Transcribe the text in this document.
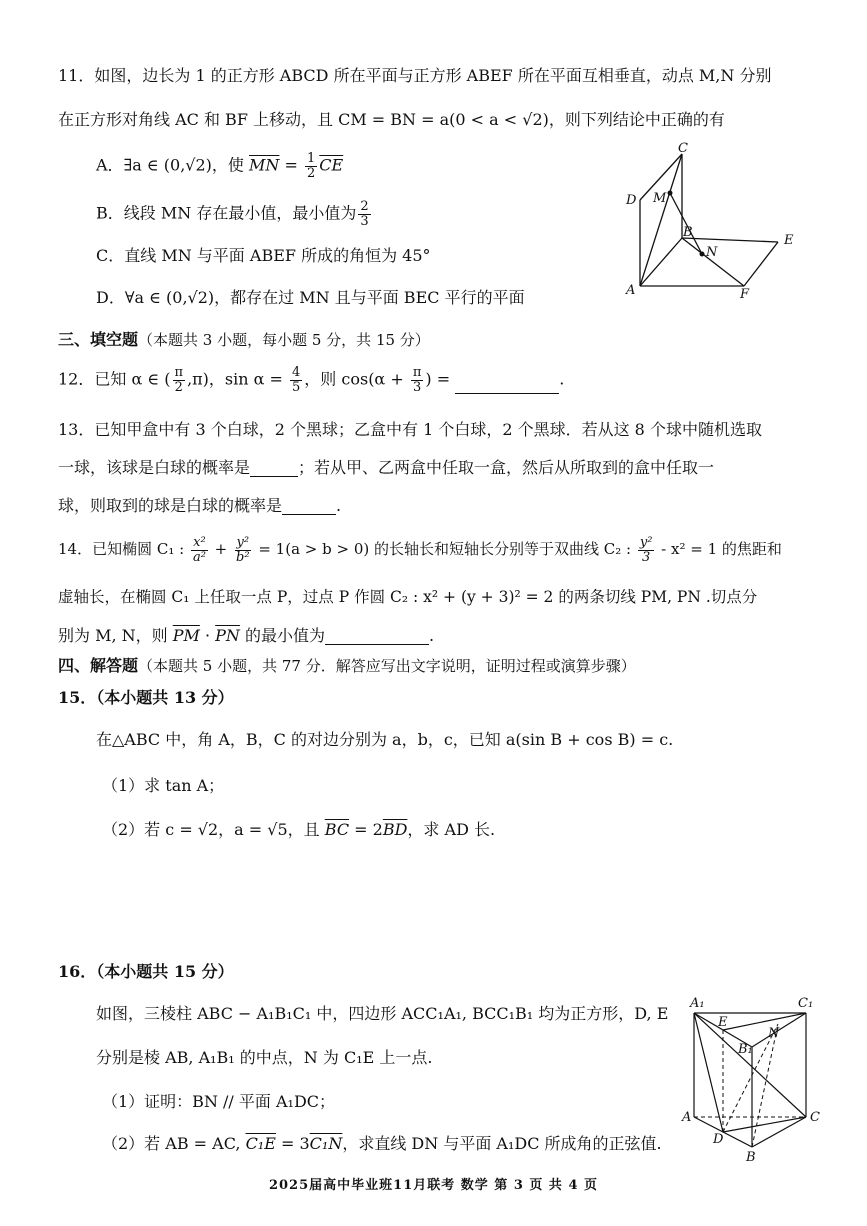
11．如图，边长为 1 的正方形 ABCD 所在平面与正方形 ABEF 所在平面互相垂直，动点 M,N 分别
在正方形对角线 AC 和 BF 上移动，且 CM = BN = a(0 < a < √2)，则下列结论中正确的有
A．∃a ∈ (0,√2)，使 $\overline{MN} = \frac{1}{2} \overline{CE}$
B．线段 MN 存在最小值，最小值为 $\frac{2}{3}$
C．直线 MN 与平面 ABEF 所成的角恒为 45°
D．∀a ∈ (0,√2)，都存在过 MN 且与平面 BEC 平行的平面
C
D M
B
N
E
A	F
三、填空题（本题共 3 小题，每小题 5 分，共 15 分）
12．已知 α ∈ ( $\frac{\pi}{2} ,\pi$)，$\sin \alpha = \frac{4}{5}$ ，则 $\cos(\alpha + \frac{\pi}{3}$ ) =	.
13．已知甲盒中有 3 个白球，2 个黑球；乙盒中有 1 个白球，2 个黑球．若从这 8 个球中随机选取
一球，该球是白球的概率是	；若从甲、乙两盒中任取一盒，然后从所取到的盒中任取一
球，则取到的球是白球的概率是	.
14．已知椭圆 C₁ : $\frac{\text{x²}}{\text{a²}} + \frac{\text{y²}}{\text{b²}} = 1(a > b > 0)$ 的长轴长和短轴长分别等于双曲线 C₂ : $\frac{\text{y²}}{3} - x^2 = 1$ 的焦距和
虚轴长，在椭圆 C₁ 上任取一点 P，过点 P 作圆 C₂ : x² + (y + 3)² = 2 的两条切线 PM, PN .切点分
别为 M, N，则 $\overline{PM} \cdot \overline{PN}$ 的最小值为	.
四、解答题（本题共 5 小题，共 77 分．解答应写出文字说明，证明过程或演算步骤）
15．（本小题共 13 分）
在△ABC 中，角 A，B，C 的对边分别为 a，b，c，已知 a(sin B + cos B) = c.
（1）求 tan A；
（2）若 c = √2，a = √5，且 $\overline{BC} = 2\overline{BD}$，求 AD 长.
16．（本小题共 15 分）
如图，三棱柱 ABC − A₁B₁C₁ 中，四边形 ACC₁A₁, BCC₁B₁ 均为正方形，D, E
分别是棱 AB, A₁B₁ 的中点，N 为 C₁E 上一点.
（1）证明：BN // 平面 A₁DC；
（2）若 AB = AC, C₁E = 3C₁N，求直线 DN 与平面 A₁DC 所成角的正弦值.
A₁	C₁
E
N
B₁
A	C
D
B
2025届高中毕业班11月联考 数学 第 3 页 共 4 页
